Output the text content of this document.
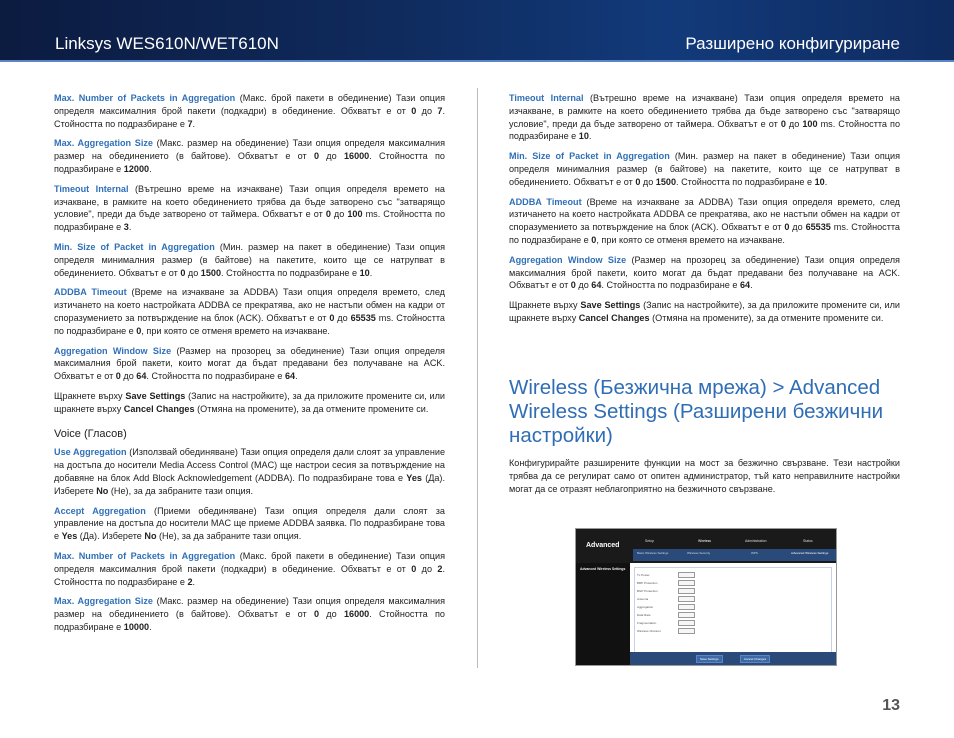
Linksys WES610N/WET610N	Разширено конфигуриране

Max. Number of Packets in Aggregation (Макс. брой пакети в обединение) Тази опция определя максималния брой пакети (подкадри) в обединение. Обхватът е от 0 до 7. Стойността по подразбиране е 7.

Max. Aggregation Size (Макс. размер на обединение) Тази опция определя максималния размер на обединението (в байтове). Обхватът е от 0 до 16000. Стойността по подразбиране е 12000.

Timeout Internal (Вътрешно време на изчакване) Тази опция определя времето на изчакване, в рамките на което обединението трябва да бъде затворено със "затварящо условие", преди да бъде затворено от таймера. Обхватът е от 0 до 100 ms. Стойността по подразбиране е 3.

Min. Size of Packet in Aggregation (Мин. размер на пакет в обединение) Тази опция определя минималния размер (в байтове) на пакетите, които ще се натрупват в обединението. Обхватът е от 0 до 1500. Стойността по подразбиране е 10.

ADDBA Timeout (Време на изчакване за ADDBA) Тази опция определя времето, след изтичането на което настройката ADDBA се прекратява, ако не настъпи обмен на кадри от споразумението за потвърждение на блок (ACK). Обхватът е от 0 до 65535 ms. Стойността по подразбиране е 0, при която се отменя времето на изчакване.

Aggregation Window Size (Размер на прозорец за обединение) Тази опция определя максималния брой пакети, които могат да бъдат предавани без получаване на ACK. Обхватът е от 0 до 64. Стойността по подразбиране е 64.

Щракнете върху Save Settings (Запис на настройките), за да приложите промените си, или щракнете върху Cancel Changes (Отмяна на промените), за да отмените промените си.

Voice (Гласов)

Use Aggregation (Използвай обединяване) Тази опция определя дали слоят за управление на достъпа до носители Media Access Control (MAC) ще настрои сесия за потвърждение на добавяне на блок Add Block Acknowledgement (ADDBA). По подразбиране това е Yes (Да). Изберете No (Не), за да забраните тази опция.

Accept Aggregation (Приеми обединяване) Тази опция определя дали слоят за управление на достъпа до носители MAC ще приеме ADDBA заявка. По подразбиране това е Yes (Да). Изберете No (Не), за да забраните тази опция.

Max. Number of Packets in Aggregation (Макс. брой пакети в обединение) Тази опция определя максималния брой пакети (подкадри) в обединение. Обхватът е от 0 до 2. Стойността по подразбиране е 2.

Max. Aggregation Size (Макс. размер на обединение) Тази опция определя максималния размер на обединението (в байтове). Обхватът е от 0 до 16000. Стойността по подразбиране е 10000.

Timeout Internal (Вътрешно време на изчакване) Тази опция определя времето на изчакване, в рамките на което обединението трябва да бъде затворено със "затварящо условие", преди да бъде затворено от таймера. Обхватът е от 0 до 100 ms. Стойността по подразбиране е 10.

Min. Size of Packet in Aggregation (Мин. размер на пакет в обединение) Тази опция определя минималния размер (в байтове) на пакетите, които ще се натрупват в обединението. Обхватът е от 0 до 1500. Стойността по подразбиране е 10.

ADDBA Timeout (Време на изчакване за ADDBA) Тази опция определя времето, след изтичането на което настройката ADDBA се прекратява, ако не настъпи обмен на кадри от споразумението за потвърждение на блок (ACK). Обхватът е от 0 до 65535 ms. Стойността по подразбиране е 0, при която се отменя времето на изчакване.

Aggregation Window Size (Размер на прозорец за обединение) Тази опция определя максималния брой пакети, които могат да бъдат предавани без получаване на ACK. Обхватът е от 0 до 64. Стойността по подразбиране е 64.

Щракнете върху Save Settings (Запис на настройките), за да приложите промените си, или щракнете върху Cancel Changes (Отмяна на промените), за да отмените промените си.

Wireless (Безжична мрежа) > Advanced Wireless Settings (Разширени безжични настройки)

Конфигурирайте разширените функции на мост за безжично свързване. Тези настройки трябва да се регулират само от опитен администратор, тъй като неправилните настройки могат да се отразят неблагоприятно на безжичното свързване.

Advanced
Setup	Wireless	Administration	Status
Basic Wireless Settings	Wireless Security	WPS	Advanced Wireless Settings
Advanced Wireless Settings
Tx Power
BRP Protection
BGP Protection
Antenna
Aggregation
Data Rate
Fragmentation
Wireless Channel
Save Settings	Cancel Changes
13
